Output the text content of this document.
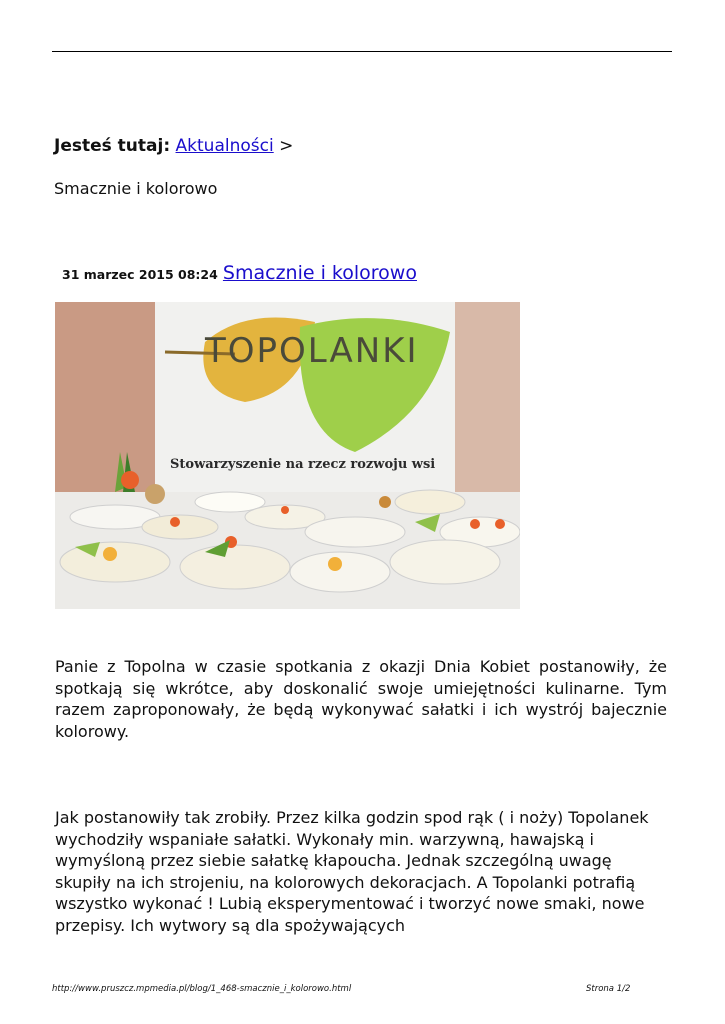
Jesteś tutaj: Aktualności >
Smacznie i kolorowo
31 marzec 2015 08:24 Smacznie i kolorowo
TOPOLANKI
Stowarzyszenie na rzecz rozwoju wsi

Panie z Topolna w czasie spotkania z okazji Dnia Kobiet postanowiły, że spotkają się wkrótce, aby doskonalić swoje umiejętności kulinarne. Tym razem zaproponowały, że będą wykonywać sałatki i ich wystrój bajecznie kolorowy.

Jak postanowiły tak zrobiły. Przez kilka godzin spod rąk ( i noży) Topolanek wychodziły wspaniałe sałatki. Wykonały min. warzywną, hawajską i wymyśloną przez siebie sałatkę kłapoucha. Jednak szczególną uwagę skupiły na ich strojeniu, na kolorowych dekoracjach. A Topolanki potrafią wszystko wykonać ! Lubią eksperymentować i tworzyć nowe smaki, nowe przepisy. Ich wytwory są dla spożywających

http://www.pruszcz.mpmedia.pl/blog/1_468-smacznie_i_kolorowo.html	Strona 1/2
